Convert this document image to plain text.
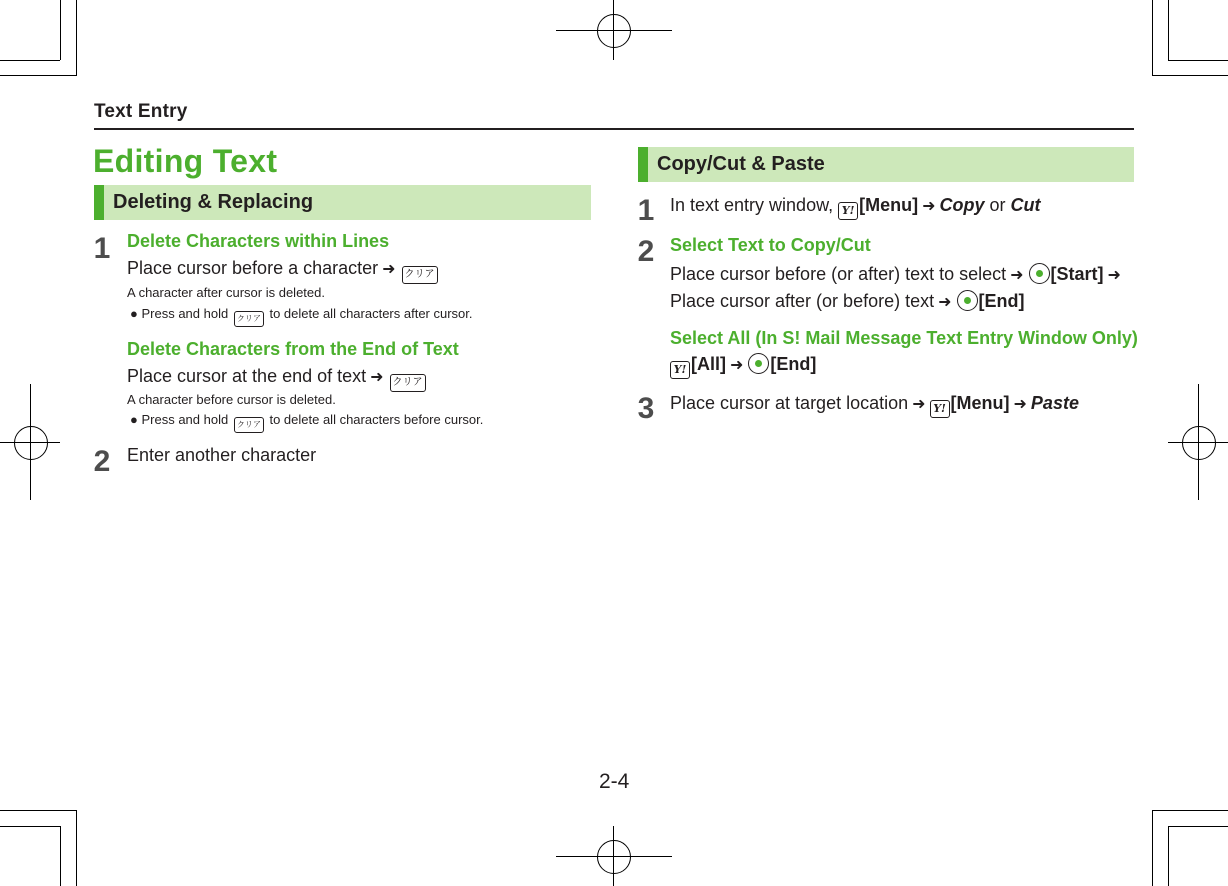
Text Entry
Editing Text
Deleting & Replacing
1 Delete Characters within Lines
Place cursor before a character ➜ クリア
A character after cursor is deleted.
● Press and hold クリア to delete all characters after cursor.
Delete Characters from the End of Text
Place cursor at the end of text ➜ クリア
A character before cursor is deleted.
● Press and hold クリア to delete all characters before cursor.
2 Enter another character
Copy/Cut & Paste
1 In text entry window, Y! [Menu] ➜ Copy or Cut
2 Select Text to Copy/Cut
Place cursor before (or after) text to select ➜ [Start] ➜
Place cursor after (or before) text ➜ [End]
Select All (In S! Mail Message Text Entry Window Only)
Y! [All] ➜ [End]
3 Place cursor at target location ➜ Y! [Menu] ➜ Paste
2-4
